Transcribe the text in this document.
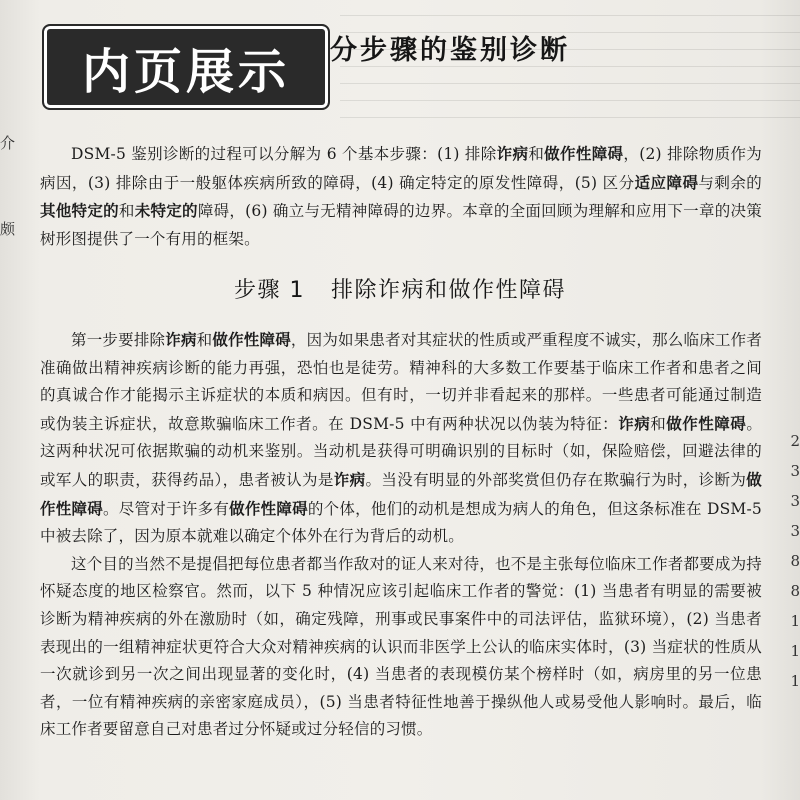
内页展示 分步骤的鉴别诊断
介
颇
2
3
3
3
8
8
1
1
1

DSM-5 鉴别诊断的过程可以分解为 6 个基本步骤：(1) 排除诈病和做作性障碍，(2) 排除物质作为病因，(3) 排除由于一般躯体疾病所致的障碍，(4) 确定特定的原发性障碍，(5) 区分适应障碍与剩余的其他特定的和未特定的障碍，(6) 确立与无精神障碍的边界。本章的全面回顾为理解和应用下一章的决策树形图提供了一个有用的框架。

步骤 1 排除诈病和做作性障碍

第一步要排除诈病和做作性障碍，因为如果患者对其症状的性质或严重程度不诚实，那么临床工作者准确做出精神疾病诊断的能力再强，恐怕也是徒劳。精神科的大多数工作要基于临床工作者和患者之间的真诚合作才能揭示主诉症状的本质和病因。但有时，一切并非看起来的那样。一些患者可能通过制造或伪装主诉症状，故意欺骗临床工作者。在 DSM-5 中有两种状况以伪装为特征：诈病和做作性障碍。这两种状况可依据欺骗的动机来鉴别。当动机是获得可明确识别的目标时（如，保险赔偿，回避法律的或军人的职责，获得药品），患者被认为是诈病。当没有明显的外部奖赏但仍存在欺骗行为时，诊断为做作性障碍。尽管对于许多有做作性障碍的个体，他们的动机是想成为病人的角色，但这条标准在 DSM-5 中被去除了，因为原本就难以确定个体外在行为背后的动机。

这个目的当然不是提倡把每位患者都当作敌对的证人来对待，也不是主张每位临床工作者都要成为持怀疑态度的地区检察官。然而，以下 5 种情况应该引起临床工作者的警觉：(1) 当患者有明显的需要被诊断为精神疾病的外在激励时（如，确定残障，刑事或民事案件中的司法评估，监狱环境），(2) 当患者表现出的一组精神症状更符合大众对精神疾病的认识而非医学上公认的临床实体时，(3) 当症状的性质从一次就诊到另一次之间出现显著的变化时，(4) 当患者的表现模仿某个榜样时（如，病房里的另一位患者，一位有精神疾病的亲密家庭成员），(5) 当患者特征性地善于操纵他人或易受他人影响时。最后，临床工作者要留意自己对患者过分怀疑或过分轻信的习惯。
